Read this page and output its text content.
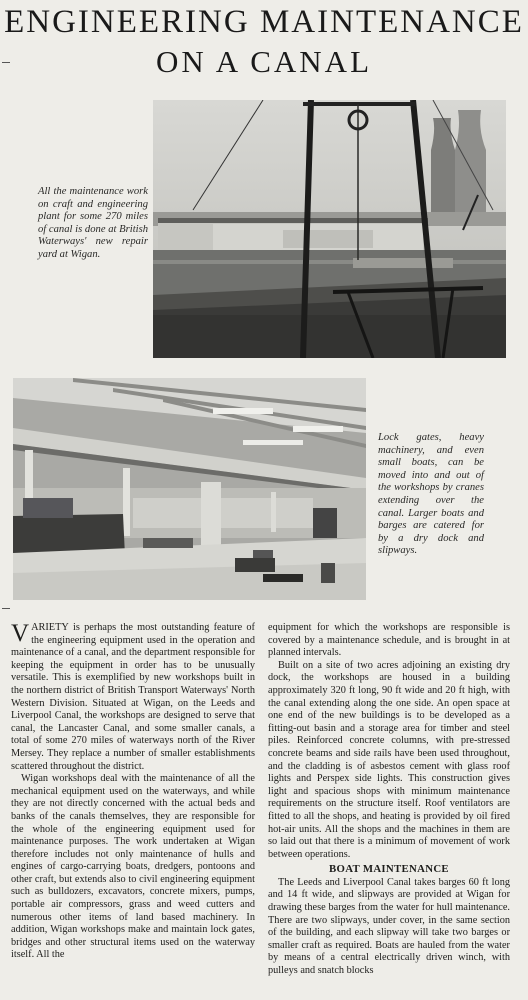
ENGINEERING MAINTENANCE
ON A CANAL

All the maintenance work on craft and engineering plant for some 270 miles of canal is done at British Waterways' new repair yard at Wigan.

Lock gates, heavy machinery, and even small boats, can be moved into and out of the workshops by cranes extending over the canal. Larger boats and barges are catered for by a dry dock and slipways.

VARIETY is perhaps the most outstanding feature of the engineering equipment used in the operation and maintenance of a canal, and the department responsible for keeping the equipment in order has to be unusually versatile. This is exemplified by new workshops built in the northern district of British Transport Waterways' North Western Division. Situated at Wigan, on the Leeds and Liverpool Canal, the workshops are designed to serve that canal, the Lancaster Canal, and some smaller canals, a total of some 270 miles of waterways north of the River Mersey. They replace a number of smaller establishments scattered throughout the district.

Wigan workshops deal with the maintenance of all the mechanical equipment used on the waterways, and while they are not directly concerned with the actual beds and banks of the canals themselves, they are responsible for the whole of the engineering equipment used for maintenance purposes. The work undertaken at Wigan therefore includes not only maintenance of hulls and engines of cargo-carrying boats, dredgers, pontoons and other craft, but extends also to civil engineering equipment such as bulldozers, excavators, concrete mixers, pumps, portable air compressors, grass and weed cutters and numerous other items of land based machinery. In addition, Wigan workshops make and maintain lock gates, bridges and other structural items used on the waterway itself. All the

equipment for which the workshops are responsible is covered by a maintenance schedule, and is brought in at planned intervals.

Built on a site of two acres adjoining an existing dry dock, the workshops are housed in a building approximately 320 ft long, 90 ft wide and 20 ft high, with the canal extending along the one side. An open space at one end of the new buildings is to be developed as a fitting-out basin and a storage area for timber and steel piles. Reinforced concrete columns, with pre-stressed concrete beams and side rails have been used throughout, and the cladding is of asbestos cement with glass roof lights and Perspex side lights. This construction gives light and spacious shops with minimum maintenance requirements on the structure itself. Roof ventilators are fitted to all the shops, and heating is provided by oil fired hot-air units. All the shops and the machines in them are so laid out that there is a minimum of movement of work between operations.

BOAT MAINTENANCE

The Leeds and Liverpool Canal takes barges 60 ft long and 14 ft wide, and slipways are provided at Wigan for drawing these barges from the water for hull maintenance. There are two slipways, under cover, in the same section of the building, and each slipway will take two barges or smaller craft as required. Boats are hauled from the water by means of a central electrically driven winch, with pulleys and snatch blocks
